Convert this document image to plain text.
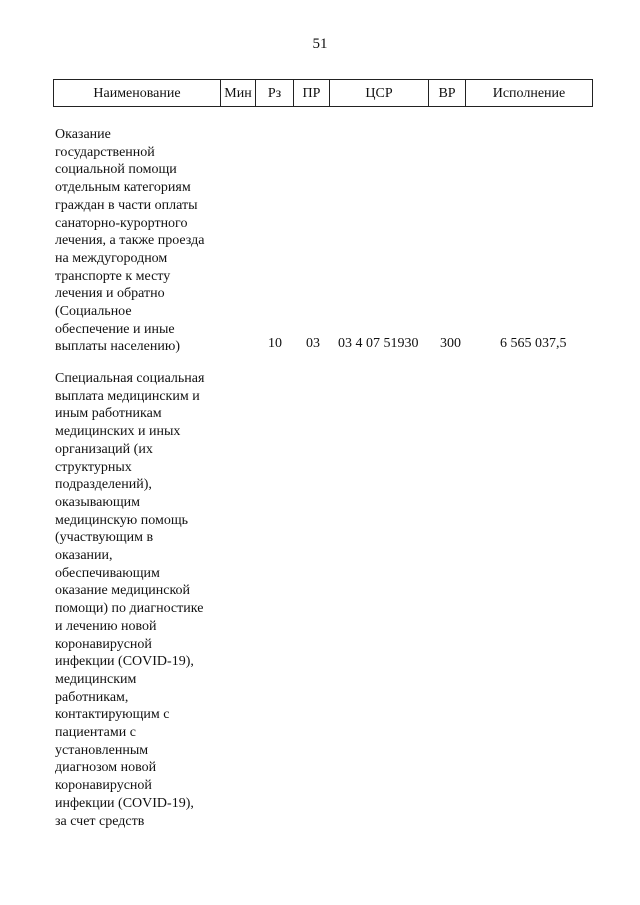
51
Наименование	Мин	Рз	ПР	ЦСР	ВР	Исполнение
Оказание
государственной
социальной помощи
отдельным категориям
граждан в части оплаты
санаторно-курортного
лечения, а также проезда
на междугородном
транспорте к месту
лечения и обратно
(Социальное
обеспечение и иные
выплаты населению)	10	03	03 4 07 51930	300	6 565 037,5
Специальная социальная
выплата медицинским и
иным работникам
медицинских и иных
организаций (их
структурных
подразделений),
оказывающим
медицинскую помощь
(участвующим в
оказании,
обеспечивающим
оказание медицинской
помощи) по диагностике
и лечению новой
коронавирусной
инфекции (COVID-19),
медицинским
работникам,
контактирующим с
пациентами с
установленным
диагнозом новой
коронавирусной
инфекции (COVID-19),
за счет средств
